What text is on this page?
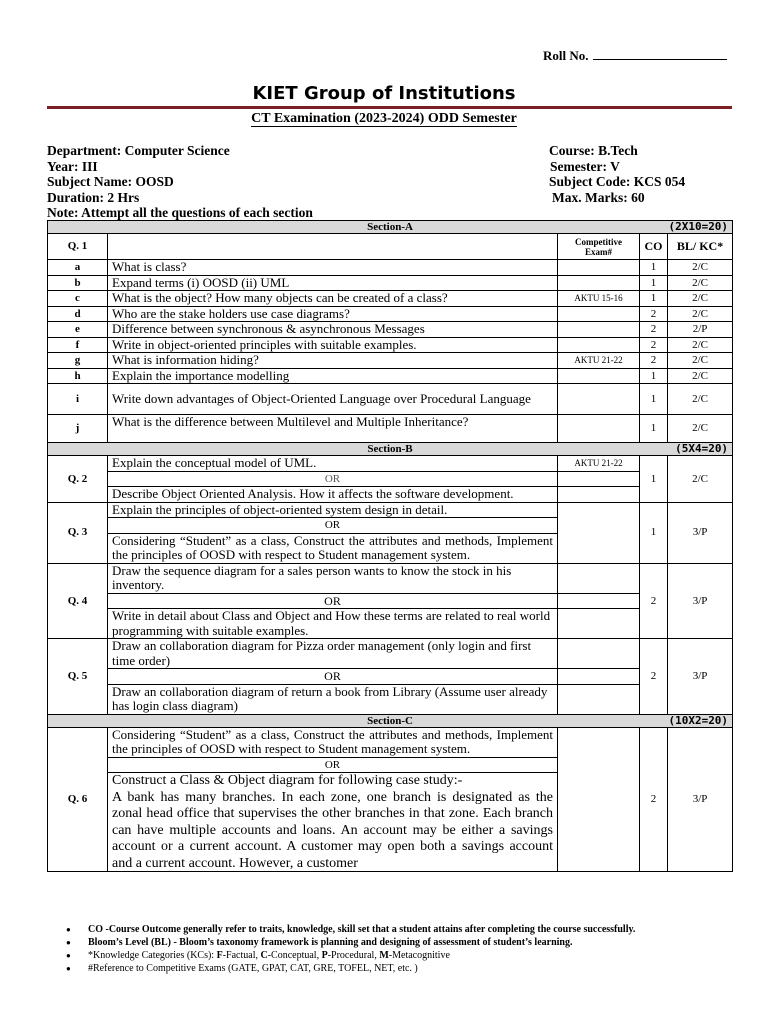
Roll No.
KIET Group of Institutions
CT Examination (2023-2024) ODD Semester
Department: Computer Science
Year: III
Subject Name: OOSD
Duration: 2 Hrs
Note: Attempt all the questions of each section
Course: B.Tech
Semester: V
Subject Code: KCS 054
Max. Marks: 60
Section-A (2X10=20)				

Q. 1		Competitive Exam#	CO	BL/ KC*
a	What is class?		1	2/C
b	Expand terms (i) OOSD (ii) UML		1	2/C
c	What is the object? How many objects can be created of a class?	AKTU 15-16	1	2/C
d	Who are the stake holders use case diagrams?		2	2/C
e	Difference between synchronous & asynchronous Messages		2	2/P
f	Write in object-oriented principles with suitable examples.		2	2/C
g	What is information hiding?	AKTU 21-22	2	2/C
h	Explain the importance modelling		1	2/C
i	Write down advantages of Object-Oriented Language over Procedural Language		1	2/C
j	What is the difference between Multilevel and Multiple Inheritance?		1	2/C
Section-B (5X4=20)				

Q. 2	Explain the conceptual model of UML.	AKTU 21-22	1	2/C
	OR			
	Describe Object Oriented Analysis. How it affects the software development.			
Q. 3	Explain the principles of object-oriented system design in detail.		1	3/P
	OR			
	Considering “Student” as a class, Construct the attributes and methods, Implement the principles of OOSD with respect to Student management system.			
Q. 4	Draw the sequence diagram for a sales person wants to know the stock in his inventory.		2	3/P
	OR			
	Write in detail about Class and Object and How these terms are related to real world programming with suitable examples.			
Q. 5	Draw an collaboration diagram for Pizza order management (only login and first time order)		2	3/P
	OR			
	Draw an collaboration diagram of return a book from Library (Assume user already has login class diagram)			
Section-C (10X2=20)				

Q. 6	Considering “Student” as a class, Construct the attributes and methods, Implement the principles of OOSD with respect to Student management system.		2	3/P
	OR			

	Construct a Class & Object diagram for following case study:-
A bank has many branches. In each zone, one branch is designated as the zonal head office that supervises the other branches in that zone. Each branch can have multiple accounts and loans. An account may be either a savings account or a current account. A customer may open both a savings account and a current account. However, a customer			
● CO -Course Outcome generally refer to traits, knowledge, skill set that a student attains after completing the course successfully.
● Bloom’s Level (BL) - Bloom’s taxonomy framework is planning and designing of assessment of student’s learning.
● *Knowledge Categories (KCs): F-Factual, C-Conceptual, P-Procedural, M-Metacognitive
● #Reference to Competitive Exams (GATE, GPAT, CAT, GRE, TOFEL, NET, etc. )
